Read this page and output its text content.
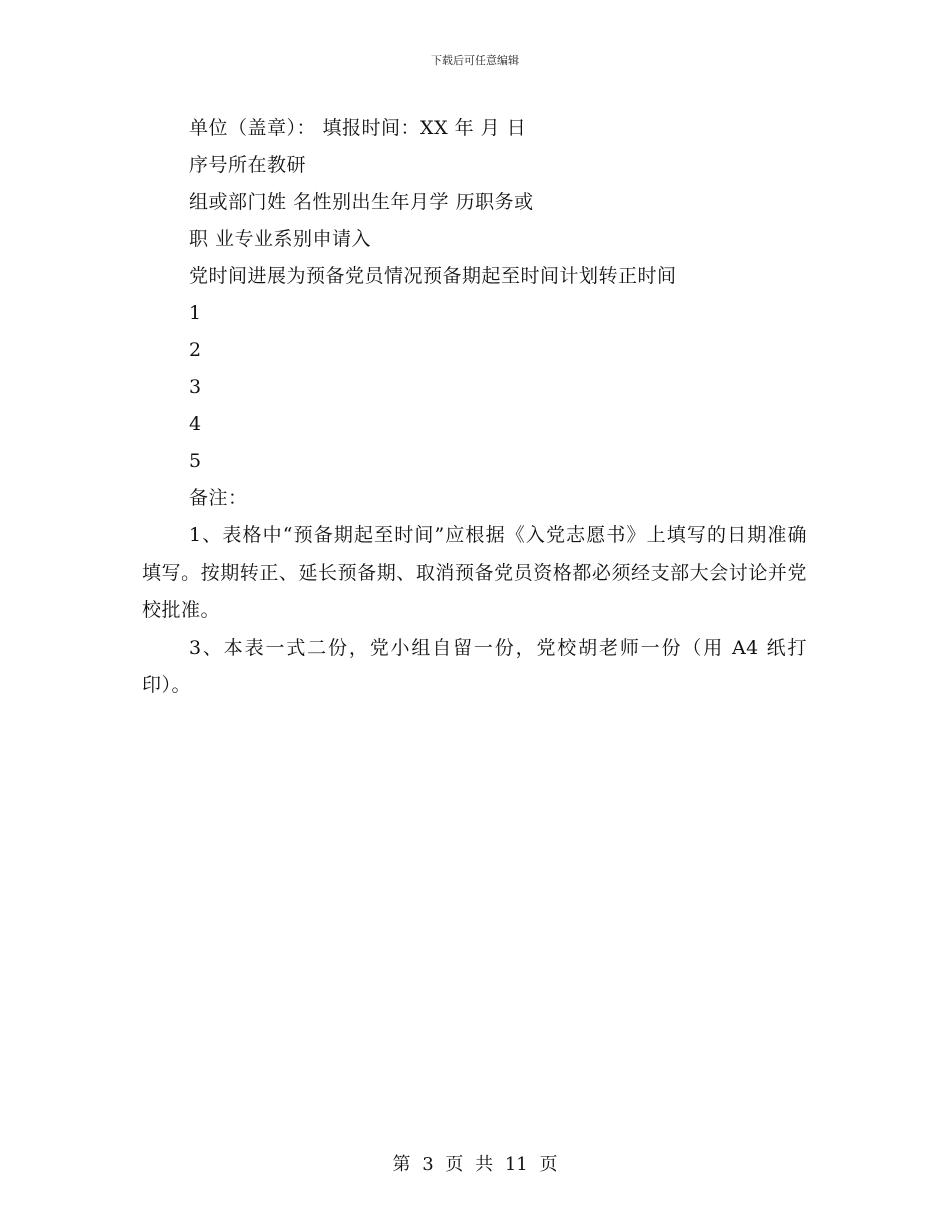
下载后可任意编辑

单位（盖章）： 填报时间：XX 年 月 日

序号所在教研

组或部门姓 名性别出生年月学 历职务或

职 业专业系别申请入

党时间进展为预备党员情况预备期起至时间计划转正时间

1

2

3

4

5

备注：

1、表格中“预备期起至时间”应根据《入党志愿书》上填写的日期准确填写。按期转正、延长预备期、取消预备党员资格都必须经支部大会讨论并党校批准。

3、本表一式二份，党小组自留一份，党校胡老师一份（用 A4 纸打印）。

第 3 页 共 11 页
